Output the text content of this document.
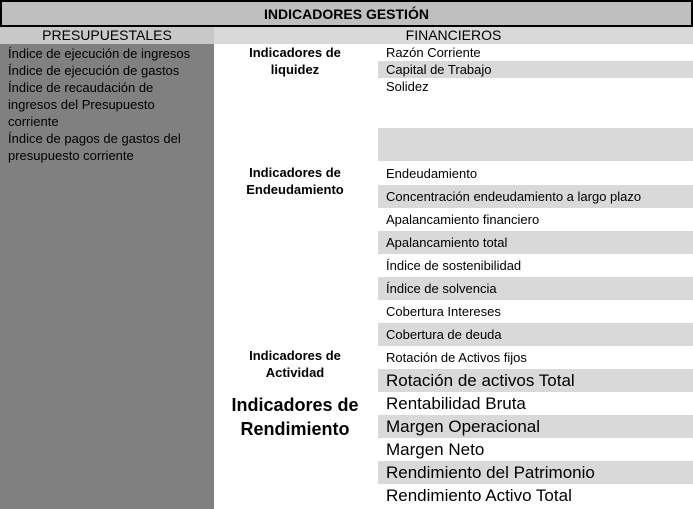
INDICADORES GESTIÓN
PRESUPUESTALES
Índice de ejecución de ingresos
Índice de ejecución de gastos
Índice de recaudación de
ingresos del Presupuesto
corriente
Índice de pagos de gastos del
presupuesto corriente
FINANCIEROS
Indicadores de
liquidez
Indicadores de
Endeudamiento
Indicadores de
Actividad
Indicadores de
Rendimiento
Razón Corriente
Capital de Trabajo
Solidez
Endeudamiento
Concentración endeudamiento a largo plazo
Apalancamiento financiero
Apalancamiento total
Índice de sostenibilidad
Índice de solvencia
Cobertura Intereses
Cobertura de deuda
Rotación de Activos fijos
Rotación de activos Total
Rentabilidad Bruta
Margen Operacional
Margen Neto
Rendimiento del Patrimonio
Rendimiento Activo Total
